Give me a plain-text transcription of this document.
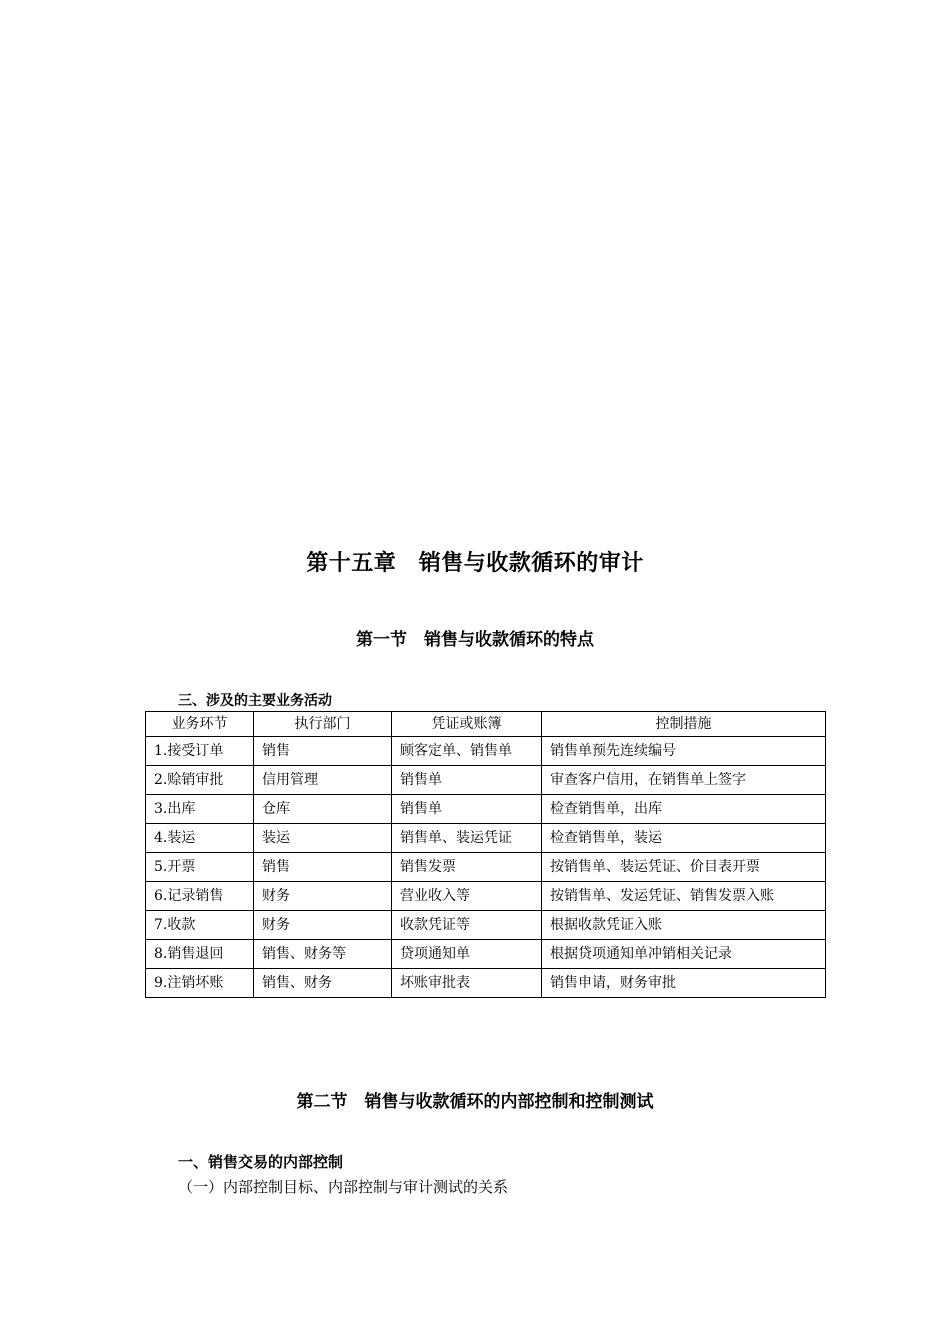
第十五章　销售与收款循环的审计
第一节　销售与收款循环的特点
三、涉及的主要业务活动
业务环节	执行部门	凭证或账簿	控制措施
1.接受订单	销售	顾客定单、销售单	销售单预先连续编号
2.赊销审批	信用管理	销售单	审查客户信用，在销售单上签字
3.出库	仓库	销售单	检查销售单，出库
4.装运	装运	销售单、装运凭证	检查销售单，装运
5.开票	销售	销售发票	按销售单、装运凭证、价目表开票
6.记录销售	财务	营业收入等	按销售单、发运凭证、销售发票入账
7.收款	财务	收款凭证等	根据收款凭证入账
8.销售退回	销售、财务等	贷项通知单	根据贷项通知单冲销相关记录
9.注销坏账	销售、财务	坏账审批表	销售申请，财务审批
第二节　销售与收款循环的内部控制和控制测试
一、销售交易的内部控制
（一）内部控制目标、内部控制与审计测试的关系
